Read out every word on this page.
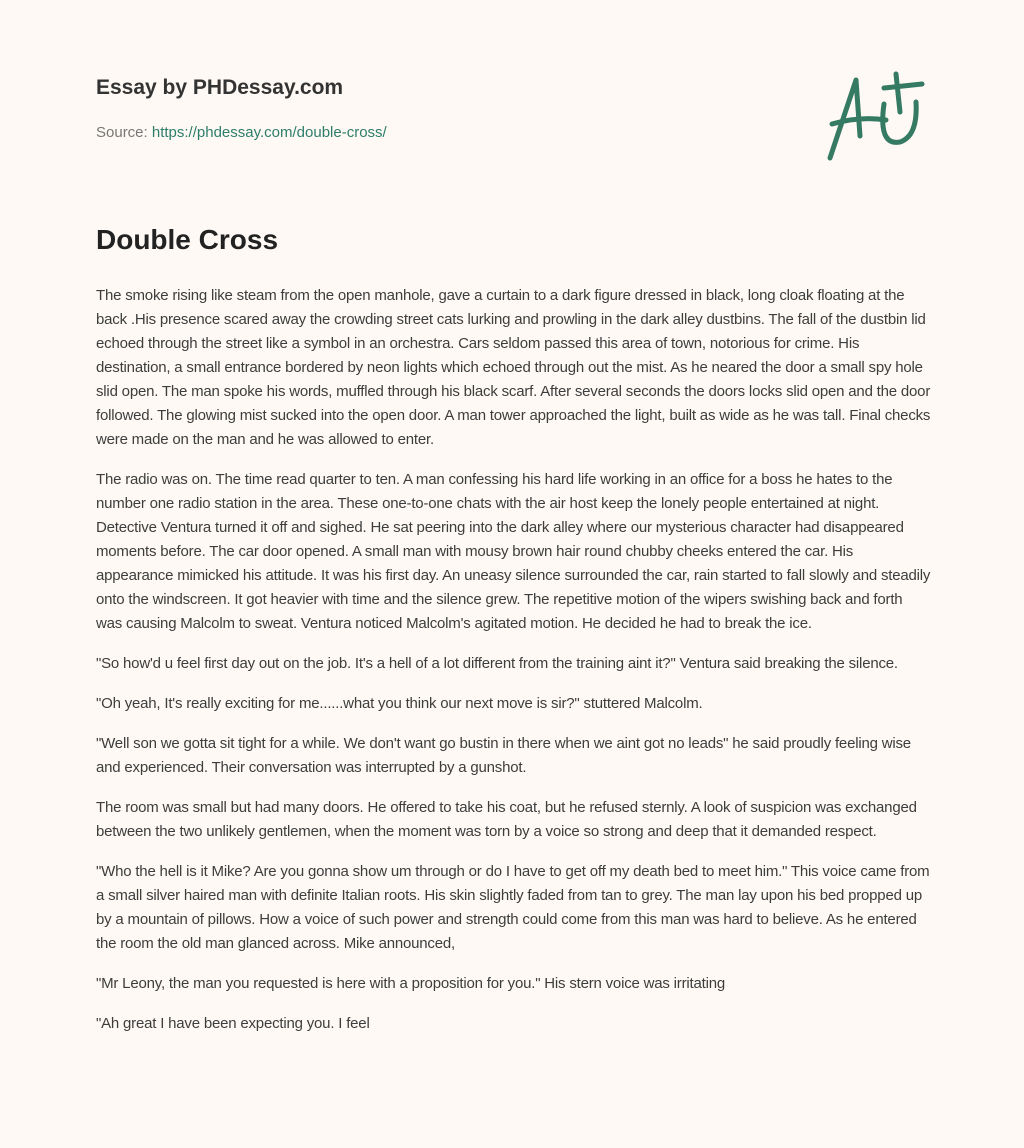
Essay by PHDessay.com
Source: https://phdessay.com/double-cross/
Double Cross

The smoke rising like steam from the open manhole, gave a curtain to a dark figure dressed in black, long cloak floating at the back .His presence scared away the crowding street cats lurking and prowling in the dark alley dustbins. The fall of the dustbin lid echoed through the street like a symbol in an orchestra. Cars seldom passed this area of town, notorious for crime. His destination, a small entrance bordered by neon lights which echoed through out the mist. As he neared the door a small spy hole slid open. The man spoke his words, muffled through his black scarf. After several seconds the doors locks slid open and the door followed. The glowing mist sucked into the open door. A man tower approached the light, built as wide as he was tall. Final checks were made on the man and he was allowed to enter.

The radio was on. The time read quarter to ten. A man confessing his hard life working in an office for a boss he hates to the number one radio station in the area. These one-to-one chats with the air host keep the lonely people entertained at night. Detective Ventura turned it off and sighed. He sat peering into the dark alley where our mysterious character had disappeared moments before. The car door opened. A small man with mousy brown hair round chubby cheeks entered the car. His appearance mimicked his attitude. It was his first day. An uneasy silence surrounded the car, rain started to fall slowly and steadily onto the windscreen. It got heavier with time and the silence grew. The repetitive motion of the wipers swishing back and forth was causing Malcolm to sweat. Ventura noticed Malcolm's agitated motion. He decided he had to break the ice.

"So how'd u feel first day out on the job. It's a hell of a lot different from the training aint it?" Ventura said breaking the silence.

"Oh yeah, It's really exciting for me......what you think our next move is sir?" stuttered Malcolm.

"Well son we gotta sit tight for a while. We don't want go bustin in there when we aint got no leads" he said proudly feeling wise and experienced. Their conversation was interrupted by a gunshot.

The room was small but had many doors. He offered to take his coat, but he refused sternly. A look of suspicion was exchanged between the two unlikely gentlemen, when the moment was torn by a voice so strong and deep that it demanded respect.

"Who the hell is it Mike? Are you gonna show um through or do I have to get off my death bed to meet him." This voice came from a small silver haired man with definite Italian roots. His skin slightly faded from tan to grey. The man lay upon his bed propped up by a mountain of pillows. How a voice of such power and strength could come from this man was hard to believe. As he entered the room the old man glanced across. Mike announced,

"Mr Leony, the man you requested is here with a proposition for you." His stern voice was irritating

"Ah great I have been expecting you. I feel
